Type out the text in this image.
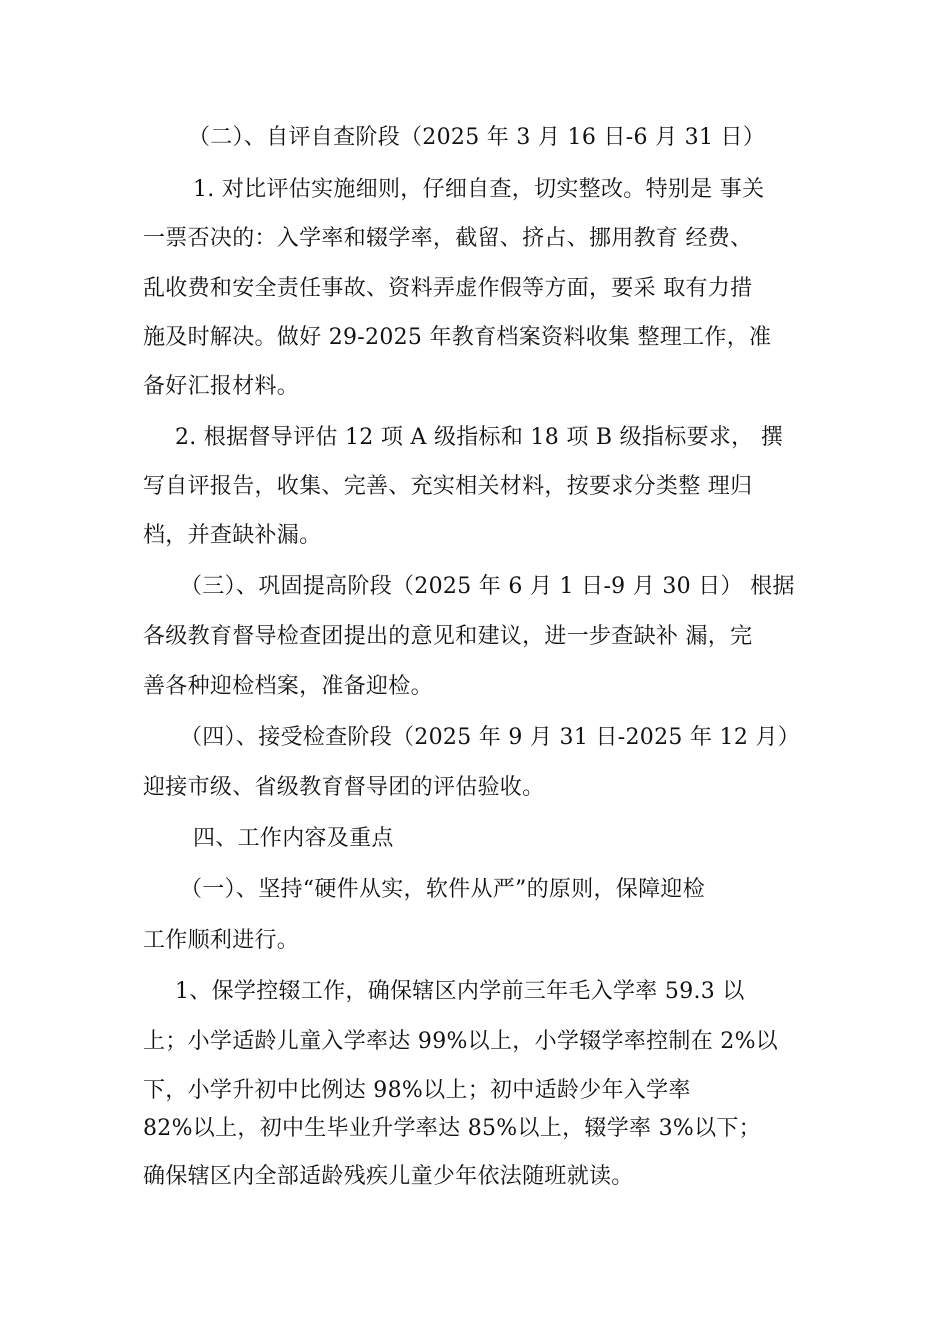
（二）、自评自查阶段（2025 年 3 月 16 日-6 月 31 日）
1. 对比评估实施细则，仔细自查，切实整改。特别是 事关
一票否决的：入学率和辍学率，截留、挤占、挪用教育 经费、
乱收费和安全责任事故、资料弄虚作假等方面，要采 取有力措
施及时解决。做好 29-2025 年教育档案资料收集 整理工作，准
备好汇报材料。
2. 根据督导评估 12 项 A 级指标和 18 项 B 级指标要求， 撰
写自评报告，收集、完善、充实相关材料，按要求分类整 理归
档，并查缺补漏。
（三）、巩固提高阶段（2025 年 6 月 1 日-9 月 30 日） 根据
各级教育督导检查团提出的意见和建议，进一步查缺补 漏，完
善各种迎检档案，准备迎检。
（四）、接受检查阶段（2025 年 9 月 31 日-2025 年 12 月）
迎接市级、省级教育督导团的评估验收。
四、工作内容及重点
（一）、坚持“硬件从实，软件从严”的原则，保障迎检
工作顺利进行。
1、保学控辍工作，确保辖区内学前三年毛入学率 59.3 以
上；小学适龄儿童入学率达 99%以上，小学辍学率控制在 2%以
下，小学升初中比例达 98%以上；初中适龄少年入学率
82%以上，初中生毕业升学率达 85%以上，辍学率 3%以下；
确保辖区内全部适龄残疾儿童少年依法随班就读。
